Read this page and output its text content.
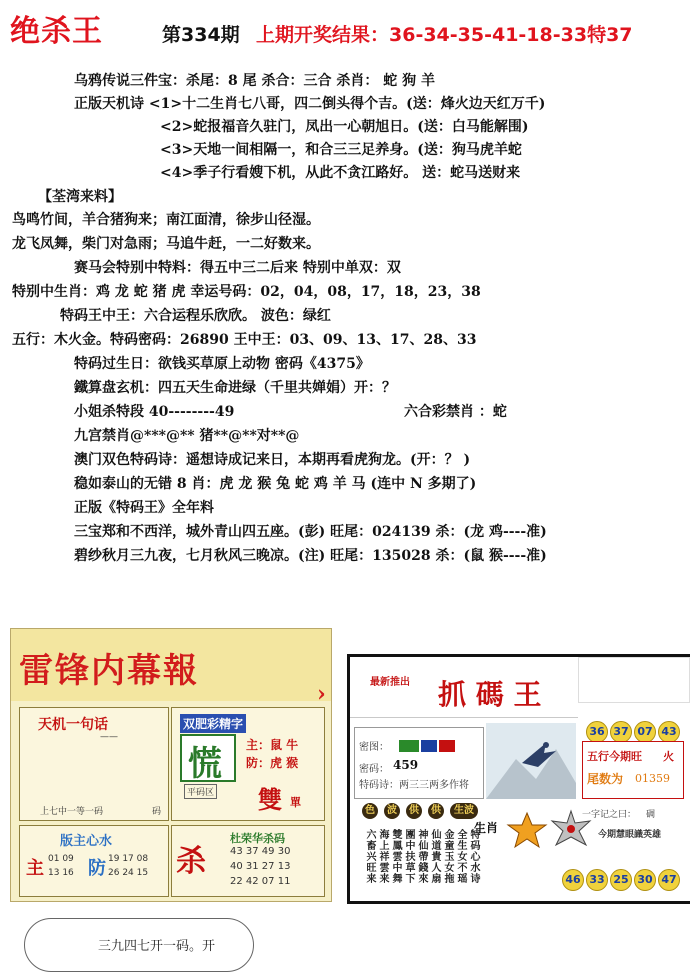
绝杀王	第334期 上期开奖结果：36-34-35-41-18-33特37
乌鸦传说三件宝：杀尾：8 尾 杀合：三合 杀肖： 蛇 狗 羊
正版天机诗 <1>十二生肖七八哥，四二倒头得个吉。(送：烽火边天红万千)
<2>蛇报福音久驻门，凤出一心朝旭日。(送：白马能解围)
<3>天地一间相隔一，和合三三足养身。(送：狗马虎羊蛇
<4>季子行看嫂下机，从此不贪江路好。 送：蛇马送财来
【荃湾来料】
鸟鸣竹间，羊合猪狗来；南江面清，徐步山径湿。
龙飞凤舞，柴门对急雨；马追牛赶，一二好数来。
赛马会特别中特料：得五中三二后来 特别中单双：双
特别中生肖：鸡 龙 蛇 猪 虎 幸运号码：02，04，08，17，18，23，38
特码王中王：六合运程乐欣欣。 波色：绿红
五行：木火金。特码密码：26890 王中王：03、09、13、17、28、33
特码过生日：欲钱买草原上动物 密码《4375》
鐵算盘玄机：四五天生命进绿（千里共婵娟）开：？
小姐杀特段 40--------49
九宫禁肖@***@** 猪**@**对**@
澳门双色特码诗：遥想诗成记来日，本期再看虎狗龙。(开：？ )
稳如泰山的无错 8 肖：虎 龙 猴 兔 蛇 鸡 羊 马 (连中 N 多期了)
正版《特码王》全年料
三宝郑和不西洋，城外青山四五座。(彭) 旺尾：024139 杀：(龙 鸡----准)
碧纱秋月三九夜，七月秋风三晚凉。(注) 旺尾：135028 杀：(鼠 猴----准)
六合彩禁肖 ：蛇
雷锋内幕報
›
天机一句话
——
上七中一等一码	码
双肥彩精字
慌 主：鼠 牛
防：虎 猴
平码区 雙 單
版主心水
主 01 09
13 16 防 19 17 08
26 24 15 杀
杜荣华杀码
43 37 49 30
40 31 27 13
22 42 07 11
最新推出 抓 碼 王
密图：
密码： 459
特码诗：两三三两多作将
36 37 07 43
五行今期旺 火
尾数为 01359
色	波	供	供	生波	一字记之曰： 碉
六畜兴旺来 海上祥雲来 雙鳳雲中舞 團中扶草下 神仙帶錢來 仙道貴人扇 金童玉女拖 全生女不瑶 特码心水诗
生肖	今期慧眼識英雄
46 33 25 30 47
三九四七开一码。开
